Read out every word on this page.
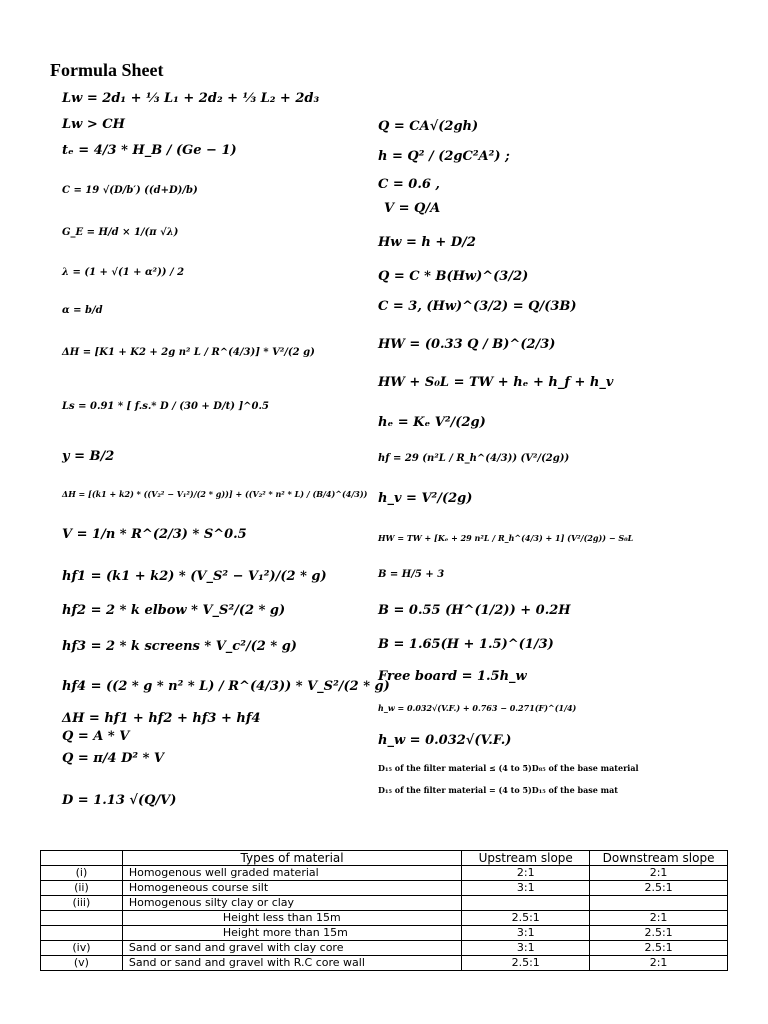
Formula Sheet
Lw = 2d₁ + ⅓ L₁ + 2d₂ + ⅓ L₂ + 2d₃
Lw > CH
tₑ = 4/3 * H_B / (Ge − 1)
C = 19 √(D/b′) ((d+D)/b)
G_E = H/d × 1/(π √λ)
λ = (1 + √(1 + α²)) / 2
α = b/d
ΔH = [K1 + K2 + 2g n² L / R^(4/3)] * V²/(2 g)
Ls = 0.91 * [ f.s.* D / (30 + D/t) ]^0.5
y = B/2
ΔH = [(k1 + k2) * ((V₂² − V₁²)/(2 * g))] + ((V₂² * n² * L) / (B/4)^(4/3))
V = 1/n * R^(2/3) * S^0.5
hf1 = (k1 + k2) * (V_S² − V₁²)/(2 * g)
hf2 = 2 * k elbow * V_S²/(2 * g)
hf3 = 2 * k screens * V_c²/(2 * g)
hf4 = ((2 * g * n² * L) / R^(4/3)) * V_S²/(2 * g)
ΔH = hf1 + hf2 + hf3 + hf4
Q = A * V
Q = π/4 D² * V
D = 1.13 √(Q/V)
Q = CA√(2gh)
h = Q² / (2gC²A²) ;
C = 0.6 ,
V = Q/A
Hw = h + D/2
Q = C * B(Hw)^(3/2)
C = 3, (Hw)^(3/2) = Q/(3B)
HW = (0.33 Q / B)^(2/3)
HW + S₀L = TW + hₑ + h_f + h_v
hₑ = Kₑ V²/(2g)
hf = 29 (n²L / R_h^(4/3)) (V²/(2g))
h_v = V²/(2g)
HW = TW + [Kₑ + 29 n²L / R_h^(4/3) + 1] (V²/(2g)) − S₀L
B = H/5 + 3
B = 0.55 (H^(1/2)) + 0.2H
B = 1.65(H + 1.5)^(1/3)
Free board = 1.5h_w
h_w = 0.032√(V.F.) + 0.763 − 0.271(F)^(1/4)
h_w = 0.032√(V.F.)
D₁₅ of the filter material ≤ (4 to 5)D₈₅ of the base material
D₁₅ of the filter material = (4 to 5)D₁₅ of the base mat
	Types of material	Upstream slope	Downstream slope
(i)	Homogenous well graded material	2:1	2:1
(ii)	Homogeneous course silt	3:1	2.5:1
(iii)	Homogenous silty clay or clay		
	Height less than 15m	2.5:1	2:1
	Height more than 15m	3:1	2.5:1
(iv)	Sand or sand and gravel with clay core	3:1	2.5:1
(v)	Sand or sand and gravel with R.C core wall	2.5:1	2:1
